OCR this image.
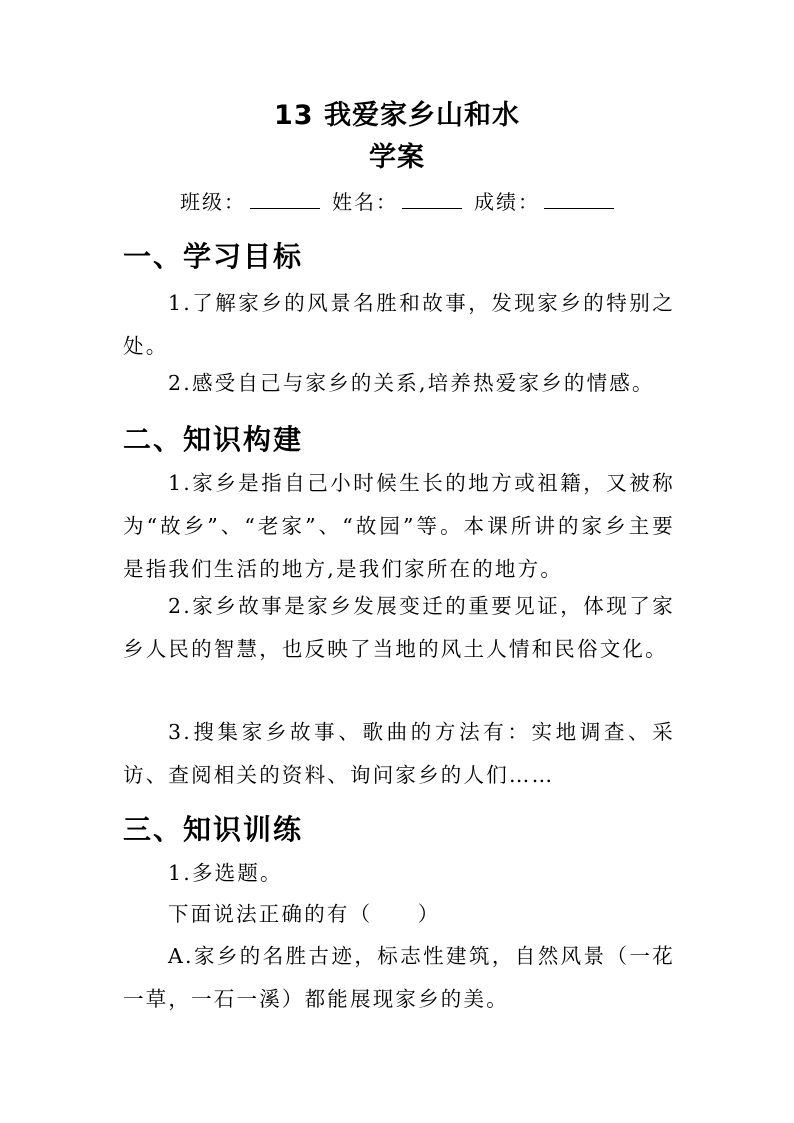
13 我爱家乡山和水
学案
班级：	姓名：	成绩：
一、学习目标
1.了解家乡的风景名胜和故事，发现家乡的特别之处。
2.感受自己与家乡的关系,培养热爱家乡的情感。
二、知识构建
1.家乡是指自己小时候生长的地方或祖籍，又被称为“故乡”、“老家”、“故园”等。本课所讲的家乡主要是指我们生活的地方,是我们家所在的地方。
2.家乡故事是家乡发展变迁的重要见证，体现了家乡人民的智慧，也反映了当地的风土人情和民俗文化。
3.搜集家乡故事、歌曲的方法有：实地调查、采访、查阅相关的资料、询问家乡的人们……
三、知识训练
1.多选题。
下面说法正确的有（　　）
A.家乡的名胜古迹，标志性建筑，自然风景（一花一草，一石一溪）都能展现家乡的美。
